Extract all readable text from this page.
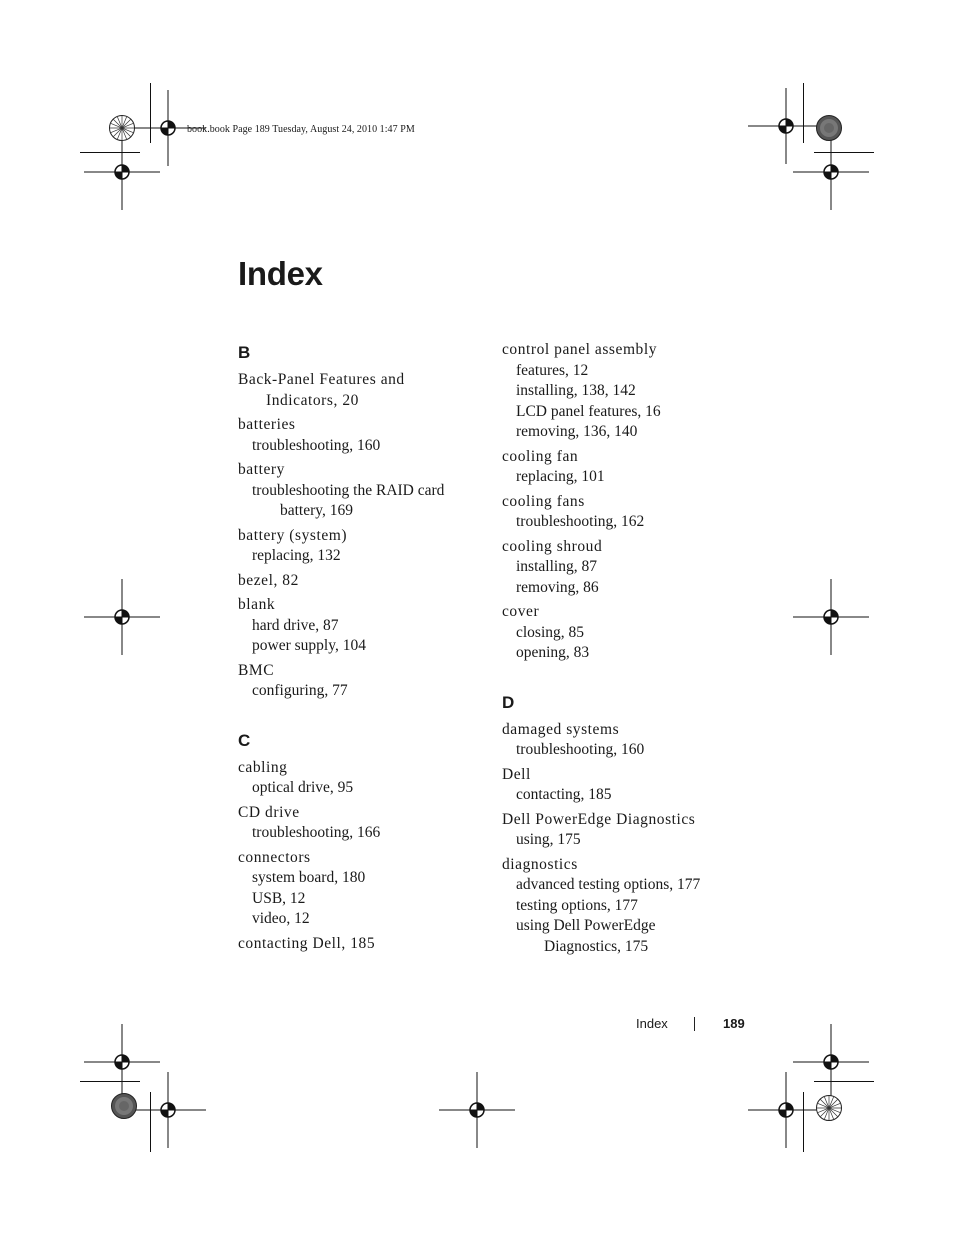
book.book Page 189 Tuesday, August 24, 2010 1:47 PM
Index
B
Back-Panel Features and
Indicators, 20
batteries
troubleshooting, 160
battery
troubleshooting the RAID card
battery, 169
battery (system)
replacing, 132
bezel, 82
blank
hard drive, 87
power supply, 104
BMC
configuring, 77
C
cabling
optical drive, 95
CD drive
troubleshooting, 166
connectors
system board, 180
USB, 12
video, 12
contacting Dell, 185
control panel assembly
features, 12
installing, 138, 142
LCD panel features, 16
removing, 136, 140
cooling fan
replacing, 101
cooling fans
troubleshooting, 162
cooling shroud
installing, 87
removing, 86
cover
closing, 85
opening, 83
D
damaged systems
troubleshooting, 160
Dell
contacting, 185
Dell PowerEdge Diagnostics
using, 175
diagnostics
advanced testing options, 177
testing options, 177
using Dell PowerEdge
Diagnostics, 175
Index	189
